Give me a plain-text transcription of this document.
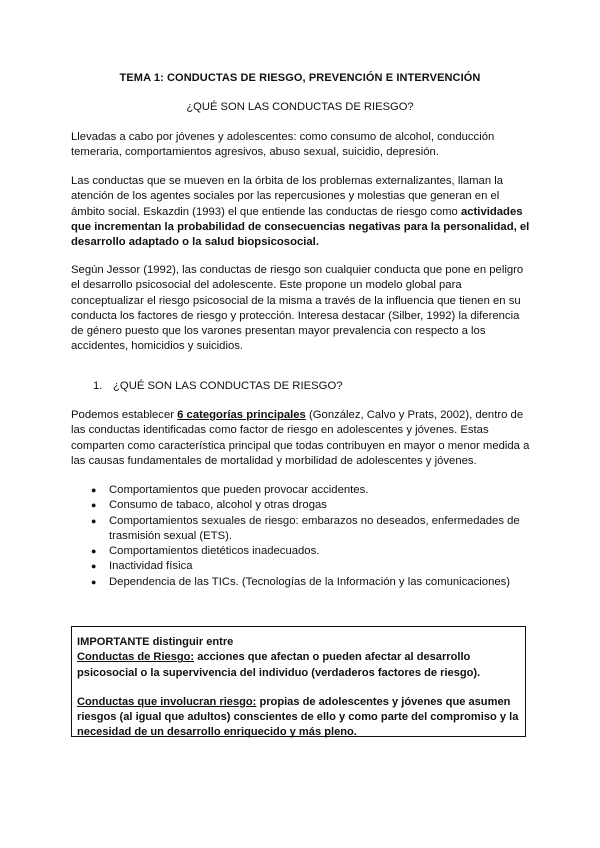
TEMA 1: CONDUCTAS DE RIESGO, PREVENCIÓN E INTERVENCIÓN
¿QUÉ SON LAS CONDUCTAS DE RIESGO?

Llevadas a cabo por jóvenes y adolescentes: como consumo de alcohol, conducción temeraria, comportamientos agresivos, abuso sexual, suicidio, depresión.

Las conductas que se mueven en la órbita de los problemas externalizantes, llaman la atención de los agentes sociales por las repercusiones y molestias que generan en el ámbito social. Eskazdin (1993) el que entiende las conductas de riesgo como actividades que incrementan la probabilidad de consecuencias negativas para la personalidad, el desarrollo adaptado o la salud biopsicosocial.

Según Jessor (1992), las conductas de riesgo son cualquier conducta que pone en peligro el desarrollo psicosocial del adolescente. Este propone un modelo global para conceptualizar el riesgo psicosocial de la misma a través de la influencia que tienen en su conducta los factores de riesgo y protección. Interesa destacar (Silber, 1992) la diferencia de género puesto que los varones presentan mayor prevalencia con respecto a los accidentes, homicidios y suicidios.

1. ¿QUÉ SON LAS CONDUCTAS DE RIESGO?

Podemos establecer 6 categorías principales (González, Calvo y Prats, 2002), dentro de las conductas identificadas como factor de riesgo en adolescentes y jóvenes. Estas comparten como característica principal que todas contribuyen en mayor o menor medida a las causas fundamentales de mortalidad y morbilidad de adolescentes y jóvenes.

● Comportamientos que pueden provocar accidentes.
● Consumo de tabaco, alcohol y otras drogas
● Comportamientos sexuales de riesgo: embarazos no deseados, enfermedades de trasmisión sexual (ETS).
● Comportamientos dietéticos inadecuados.
● Inactividad física
● Dependencia de las TICs. (Tecnologías de la Información y las comunicaciones)

IMPORTANTE distinguir entre

Conductas de Riesgo: acciones que afectan o pueden afectar al desarrollo psicosocial o la supervivencia del individuo (verdaderos factores de riesgo).

Conductas que involucran riesgo: propias de adolescentes y jóvenes que asumen riesgos (al igual que adultos) conscientes de ello y como parte del compromiso y la necesidad de un desarrollo enriquecido y más pleno.
